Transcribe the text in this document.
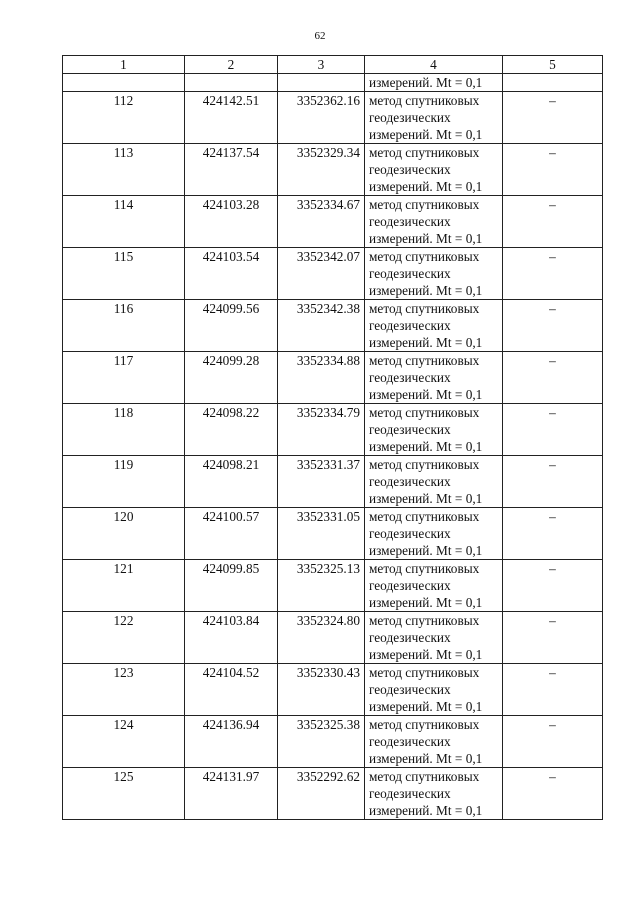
62
1	2	3	4	5
			измерений. Mt = 0,1	
112	424142.51	3352362.16	метод спутниковых
геодезических
измерений. Mt = 0,1	–
113	424137.54	3352329.34	метод спутниковых
геодезических
измерений. Mt = 0,1	–
114	424103.28	3352334.67	метод спутниковых
геодезических
измерений. Mt = 0,1	–
115	424103.54	3352342.07	метод спутниковых
геодезических
измерений. Mt = 0,1	–
116	424099.56	3352342.38	метод спутниковых
геодезических
измерений. Mt = 0,1	–
117	424099.28	3352334.88	метод спутниковых
геодезических
измерений. Mt = 0,1	–
118	424098.22	3352334.79	метод спутниковых
геодезических
измерений. Mt = 0,1	–
119	424098.21	3352331.37	метод спутниковых
геодезических
измерений. Mt = 0,1	–
120	424100.57	3352331.05	метод спутниковых
геодезических
измерений. Mt = 0,1	–
121	424099.85	3352325.13	метод спутниковых
геодезических
измерений. Mt = 0,1	–
122	424103.84	3352324.80	метод спутниковых
геодезических
измерений. Mt = 0,1	–
123	424104.52	3352330.43	метод спутниковых
геодезических
измерений. Mt = 0,1	–
124	424136.94	3352325.38	метод спутниковых
геодезических
измерений. Mt = 0,1	–
125	424131.97	3352292.62	метод спутниковых
геодезических
измерений. Mt = 0,1	–
